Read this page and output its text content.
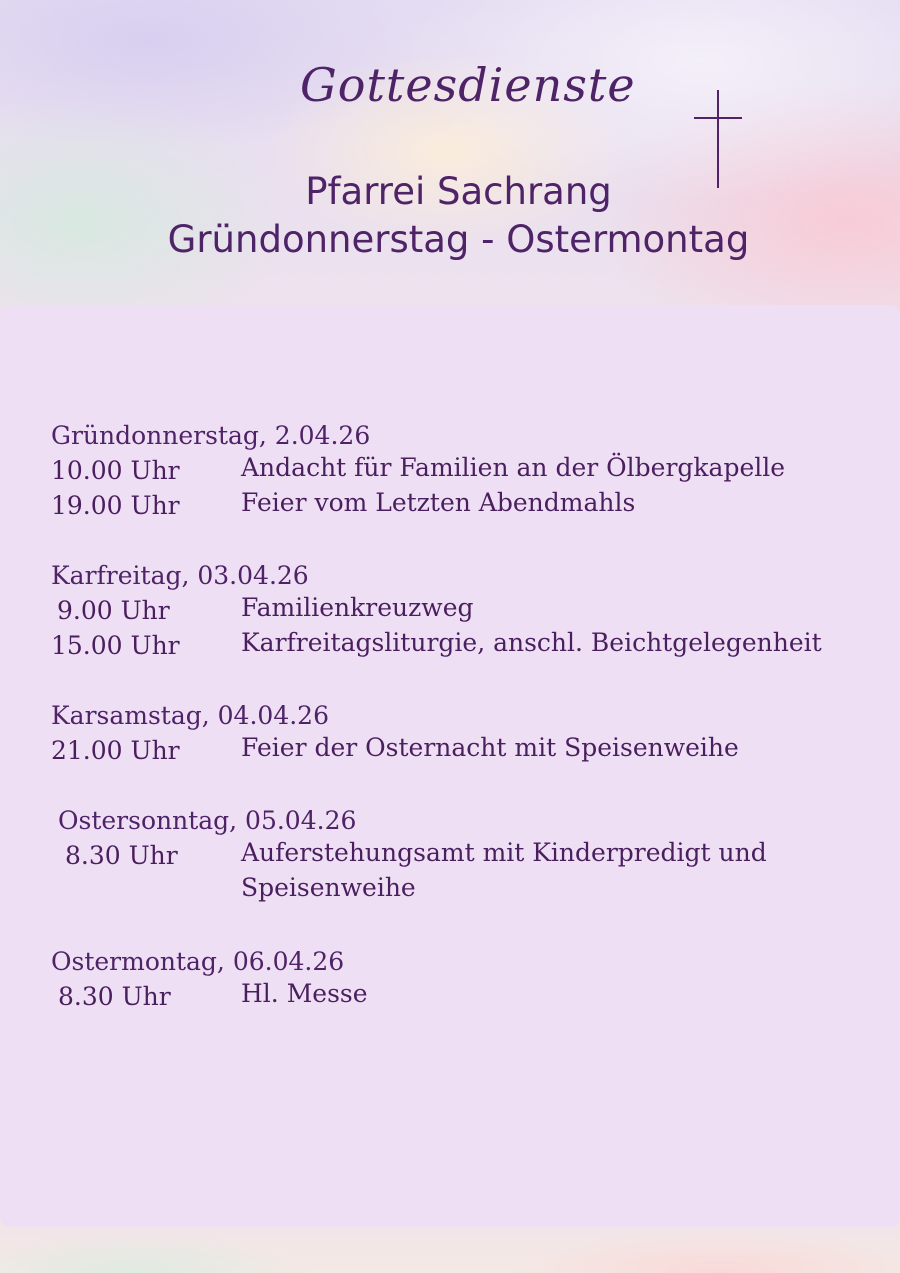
Gottesdienste
Pfarrei Sachrang
Gründonnerstag - Ostermontag
Gründonnerstag, 2.04.26
10.00 Uhr Andacht für Familien an der Ölbergkapelle
19.00 Uhr Feier vom Letzten Abendmahls
Karfreitag, 03.04.26
9.00 Uhr	Familienkreuzweg
15.00 Uhr Karfreitagsliturgie, anschl. Beichtgelegenheit
Karsamstag, 04.04.26
21.00 Uhr Feier der Osternacht mit Speisenweihe
Ostersonntag, 05.04.26
8.30 Uhr	Auferstehungsamt mit Kinderpredigt und Speisenweihe
Ostermontag, 06.04.26
8.30 Uhr	Hl. Messe
